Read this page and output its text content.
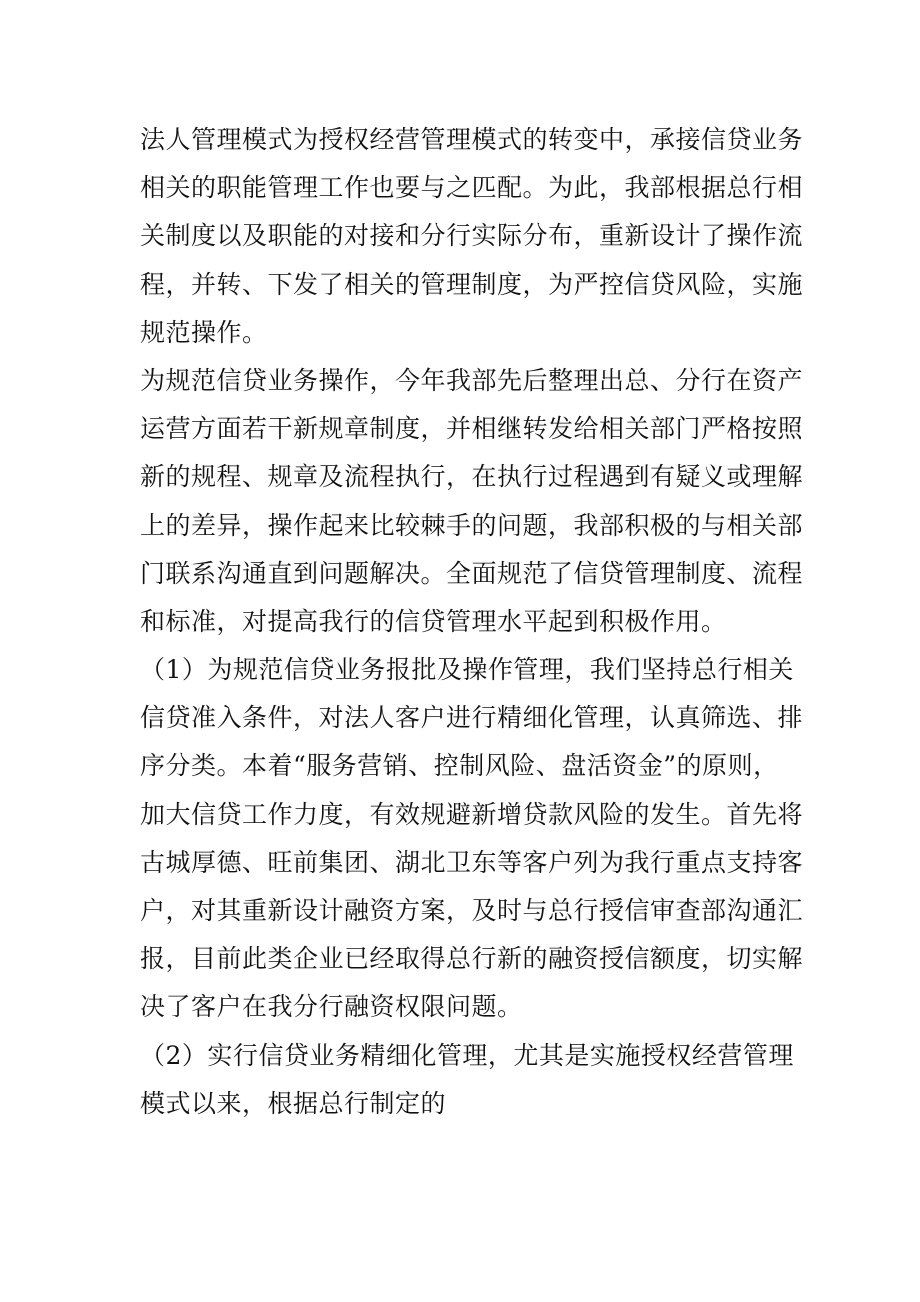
法人管理模式为授权经营管理模式的转变中，承接信贷业务
相关的职能管理工作也要与之匹配。为此，我部根据总行相
关制度以及职能的对接和分行实际分布，重新设计了操作流
程，并转、下发了相关的管理制度，为严控信贷风险，实施
规范操作。
为规范信贷业务操作，今年我部先后整理出总、分行在资产
运营方面若干新规章制度，并相继转发给相关部门严格按照
新的规程、规章及流程执行，在执行过程遇到有疑义或理解
上的差异，操作起来比较棘手的问题，我部积极的与相关部
门联系沟通直到问题解决。全面规范了信贷管理制度、流程
和标准，对提高我行的信贷管理水平起到积极作用。
（1）为规范信贷业务报批及操作管理，我们坚持总行相关
信贷准入条件，对法人客户进行精细化管理，认真筛选、排
序分类。本着“服务营销、控制风险、盘活资金”的原则，
加大信贷工作力度，有效规避新增贷款风险的发生。首先将
古城厚德、旺前集团、湖北卫东等客户列为我行重点支持客
户，对其重新设计融资方案，及时与总行授信审查部沟通汇
报，目前此类企业已经取得总行新的融资授信额度，切实解
决了客户在我分行融资权限问题。
（2）实行信贷业务精细化管理，尤其是实施授权经营管理
模式以来，根据总行制定的
